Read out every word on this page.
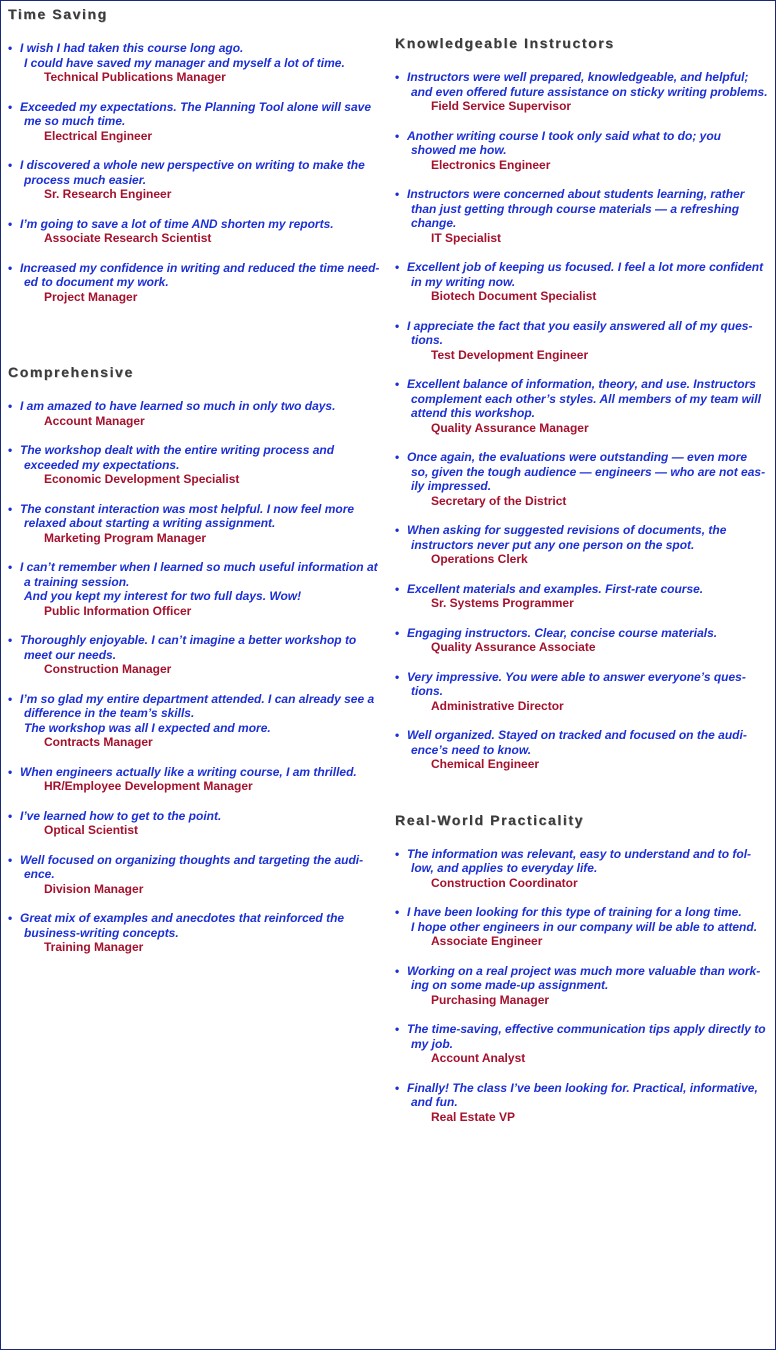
Time Saving
• I wish I had taken this course long ago.
I could have saved my manager and myself a lot of time.
Technical Publications Manager
• Exceeded my expectations. The Planning Tool alone will save
me so much time.
Electrical Engineer
• I discovered a whole new perspective on writing to make the
process much easier.
Sr. Research Engineer
• I’m going to save a lot of time AND shorten my reports.
Associate Research Scientist
• Increased my confidence in writing and reduced the time need-
ed to document my work.
Project Manager
Comprehensive
• I am amazed to have learned so much in only two days.
Account Manager
• The workshop dealt with the entire writing process and
exceeded my expectations.
Economic Development Specialist
• The constant interaction was most helpful. I now feel more
relaxed about starting a writing assignment.
Marketing Program Manager
• I can’t remember when I learned so much useful information at
a training session.
And you kept my interest for two full days. Wow!
Public Information Officer
• Thoroughly enjoyable. I can’t imagine a better workshop to
meet our needs.
Construction Manager
• I’m so glad my entire department attended. I can already see a
difference in the team’s skills.
The workshop was all I expected and more.
Contracts Manager
• When engineers actually like a writing course, I am thrilled.
HR/Employee Development Manager
• I’ve learned how to get to the point.
Optical Scientist
• Well focused on organizing thoughts and targeting the audi-
ence.
Division Manager
• Great mix of examples and anecdotes that reinforced the
business-writing concepts.
Training Manager
Knowledgeable Instructors
• Instructors were well prepared, knowledgeable, and helpful;
and even offered future assistance on sticky writing problems.
Field Service Supervisor
• Another writing course I took only said what to do; you
showed me how.
Electronics Engineer
• Instructors were concerned about students learning, rather
than just getting through course materials — a refreshing
change.
IT Specialist
• Excellent job of keeping us focused. I feel a lot more confident
in my writing now.
Biotech Document Specialist
• I appreciate the fact that you easily answered all of my ques-
tions.
Test Development Engineer
• Excellent balance of information, theory, and use. Instructors
complement each other’s styles. All members of my team will
attend this workshop.
Quality Assurance Manager
• Once again, the evaluations were outstanding — even more
so, given the tough audience — engineers — who are not eas-
ily impressed.
Secretary of the District
• When asking for suggested revisions of documents, the
instructors never put any one person on the spot.
Operations Clerk
• Excellent materials and examples. First-rate course.
Sr. Systems Programmer
• Engaging instructors. Clear, concise course materials.
Quality Assurance Associate
• Very impressive. You were able to answer everyone’s ques-
tions.
Administrative Director
• Well organized. Stayed on tracked and focused on the audi-
ence’s need to know.
Chemical Engineer
Real-World Practicality
• The information was relevant, easy to understand and to fol-
low, and applies to everyday life.
Construction Coordinator
• I have been looking for this type of training for a long time.
I hope other engineers in our company will be able to attend.
Associate Engineer
• Working on a real project was much more valuable than work-
ing on some made-up assignment.
Purchasing Manager
• The time-saving, effective communication tips apply directly to
my job.
Account Analyst
• Finally! The class I’ve been looking for. Practical, informative,
and fun.
Real Estate VP
